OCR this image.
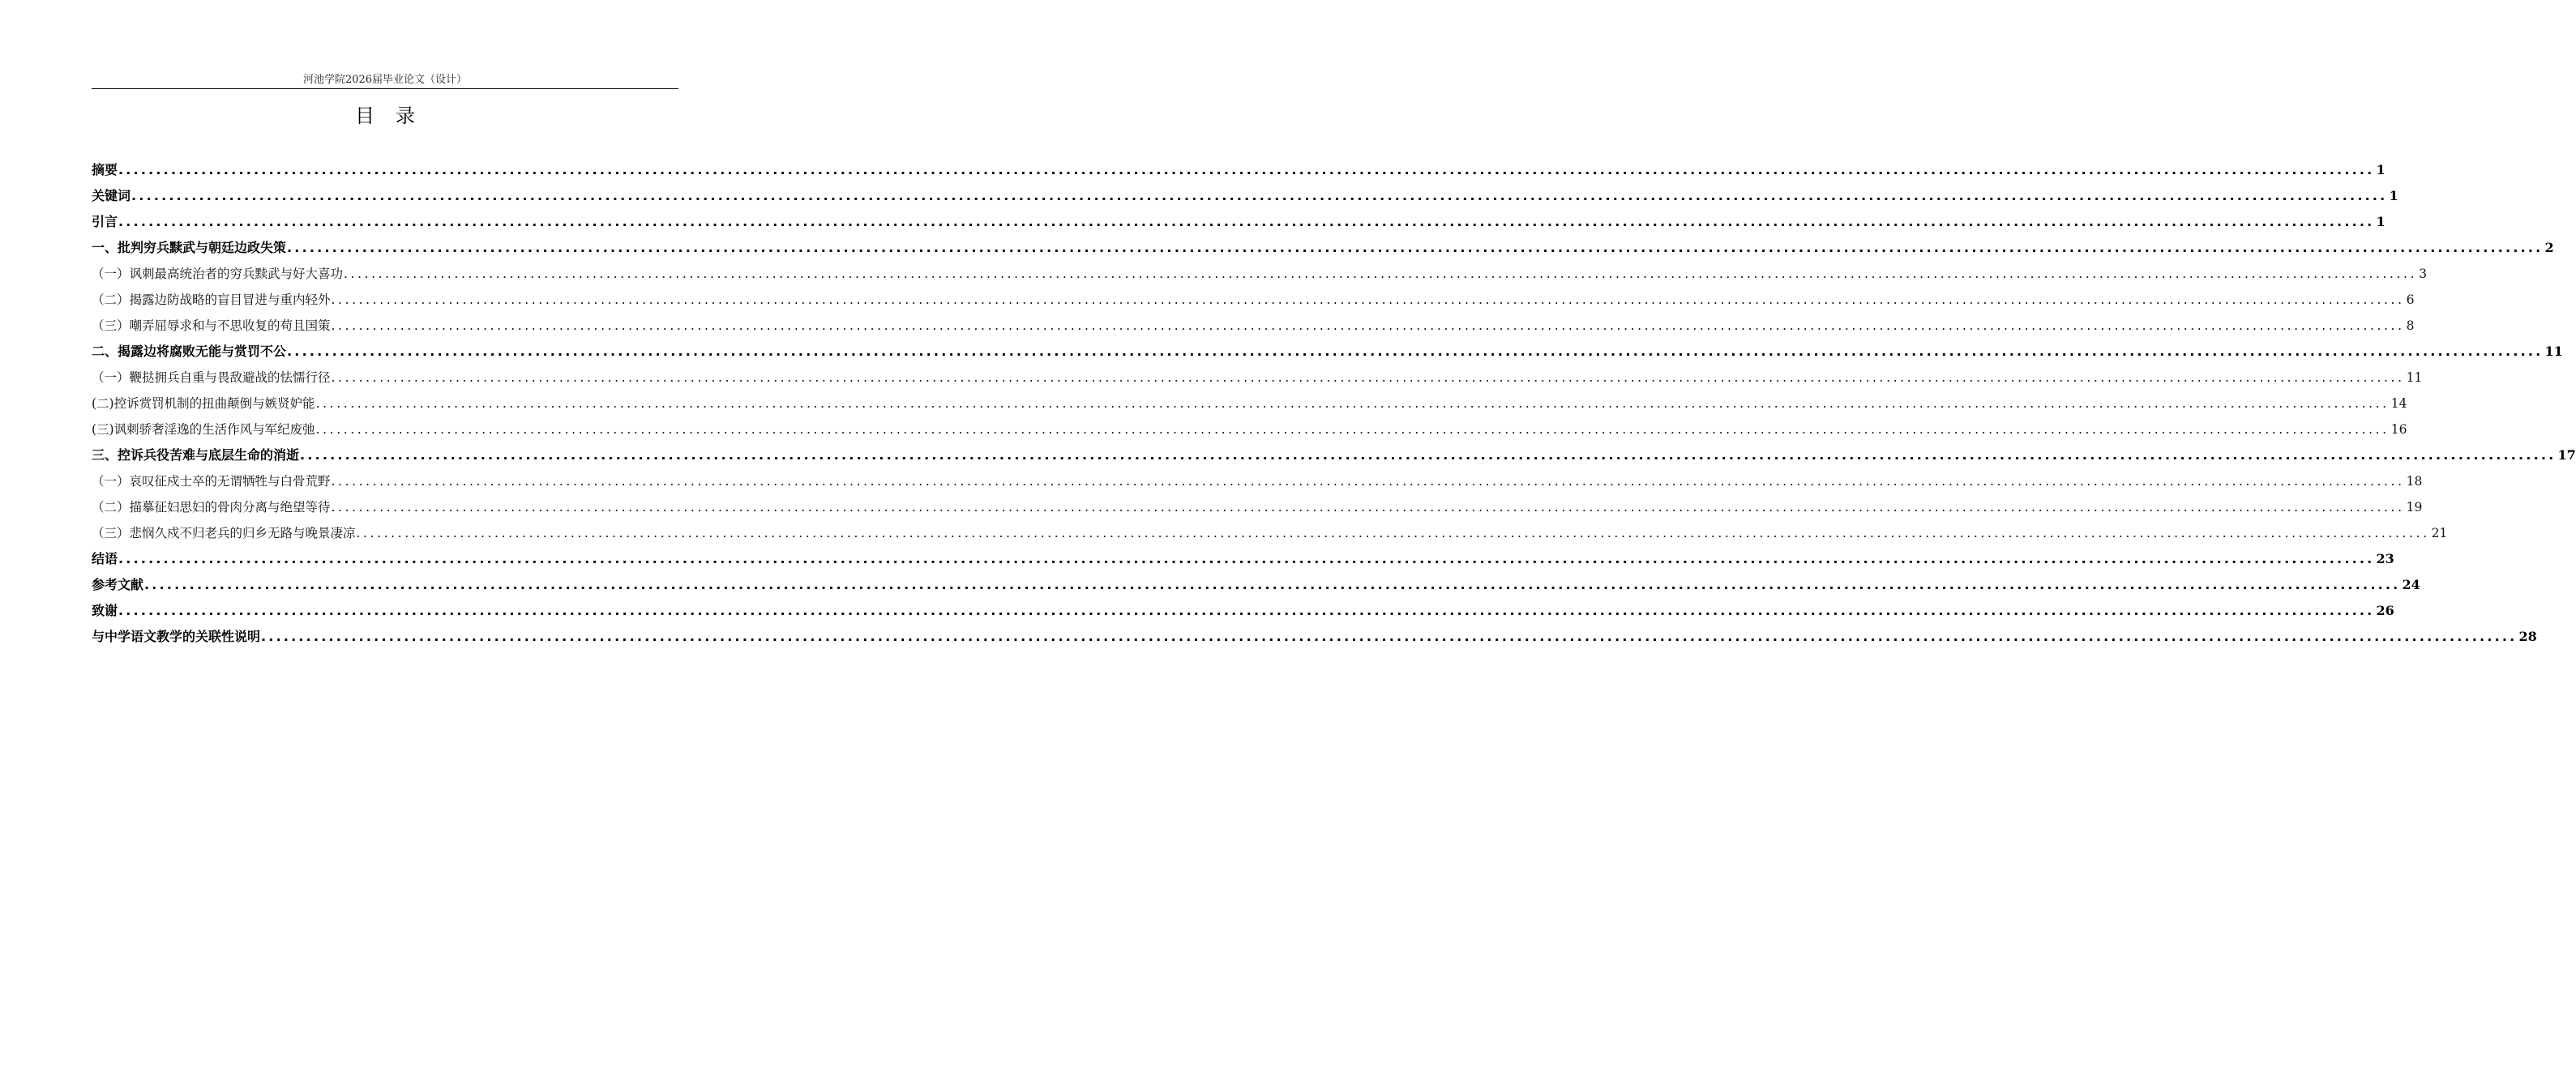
河池学院2026届毕业论文（设计）
目录
摘要 ............................................................................................................................................................................................................................................................................................................ 1
关键词 ............................................................................................................................................................................................................................................................................................................ 1
引言 ............................................................................................................................................................................................................................................................................................................ 1
一、批判穷兵黩武与朝廷边政失策 ............................................................................................................................................................................................................................................................................................................ 2
（一）讽刺最高统治者的穷兵黩武与好大喜功 ............................................................................................................................................................................................................................................................................................................ 3
（二）揭露边防战略的盲目冒进与重内轻外 ............................................................................................................................................................................................................................................................................................................ 6
（三）嘲弄屈辱求和与不思收复的苟且国策 ............................................................................................................................................................................................................................................................................................................ 8
二、揭露边将腐败无能与赏罚不公 ............................................................................................................................................................................................................................................................................................................ 11
（一）鞭挞拥兵自重与畏敌避战的怯懦行径 ............................................................................................................................................................................................................................................................................................................ 11
(二)控诉赏罚机制的扭曲颠倒与嫉贤妒能 ............................................................................................................................................................................................................................................................................................................ 14
(三)讽刺骄奢淫逸的生活作风与军纪废弛 ............................................................................................................................................................................................................................................................................................................ 16
三、控诉兵役苦难与底层生命的消逝 ............................................................................................................................................................................................................................................................................................................ 17
（一）哀叹征戍士卒的无谓牺牲与白骨荒野 ............................................................................................................................................................................................................................................................................................................ 18
（二）描摹征妇思妇的骨肉分离与绝望等待 ............................................................................................................................................................................................................................................................................................................ 19
（三）悲悯久戍不归老兵的归乡无路与晚景凄凉 ............................................................................................................................................................................................................................................................................................................ 21
结语 ............................................................................................................................................................................................................................................................................................................ 23
参考文献 ............................................................................................................................................................................................................................................................................................................ 24
致谢 ............................................................................................................................................................................................................................................................................................................ 26
与中学语文教学的关联性说明 ............................................................................................................................................................................................................................................................................................................ 28
